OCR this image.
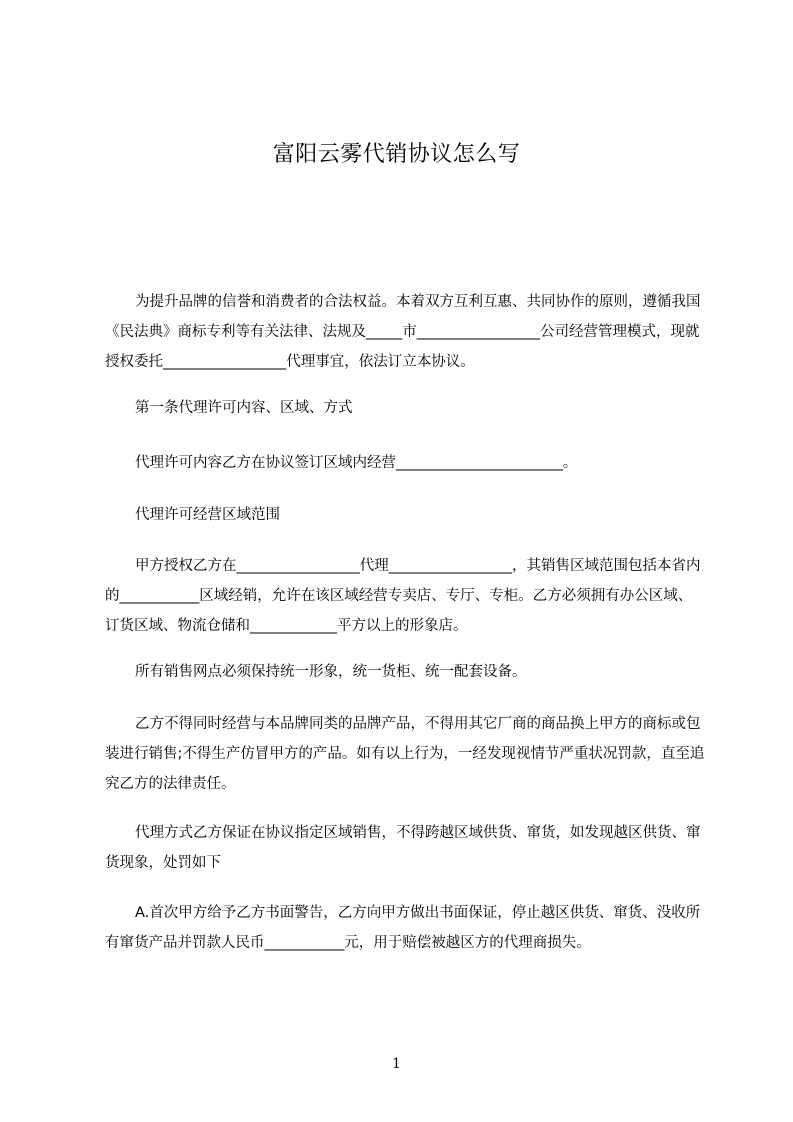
富阳云雾代销协议怎么写

为提升品牌的信誉和消费者的合法权益。本着双方互利互惠、共同协作的原则，遵循我国《民法典》商标专利等有关法律、法规及_____市_________________公司经营管理模式，现就授权委托_________________代理事宜，依法订立本协议。

第一条代理许可内容、区域、方式

代理许可内容乙方在协议签订区域内经营_______________________。

代理许可经营区域范围

甲方授权乙方在_________________代理_________________，其销售区域范围包括本省内的___________区域经销，允许在该区域经营专卖店、专厅、专柜。乙方必须拥有办公区域、订货区域、物流仓储和____________平方以上的形象店。

所有销售网点必须保持统一形象，统一货柜、统一配套设备。

乙方不得同时经营与本品牌同类的品牌产品，不得用其它厂商的商品换上甲方的商标或包装进行销售;不得生产仿冒甲方的产品。如有以上行为，一经发现视情节严重状况罚款，直至追究乙方的法律责任。

代理方式乙方保证在协议指定区域销售，不得跨越区域供货、窜货，如发现越区供货、窜货现象，处罚如下

A.首次甲方给予乙方书面警告，乙方向甲方做出书面保证，停止越区供货、窜货、没收所有窜货产品并罚款人民币___________元，用于赔偿被越区方的代理商损失。

1
